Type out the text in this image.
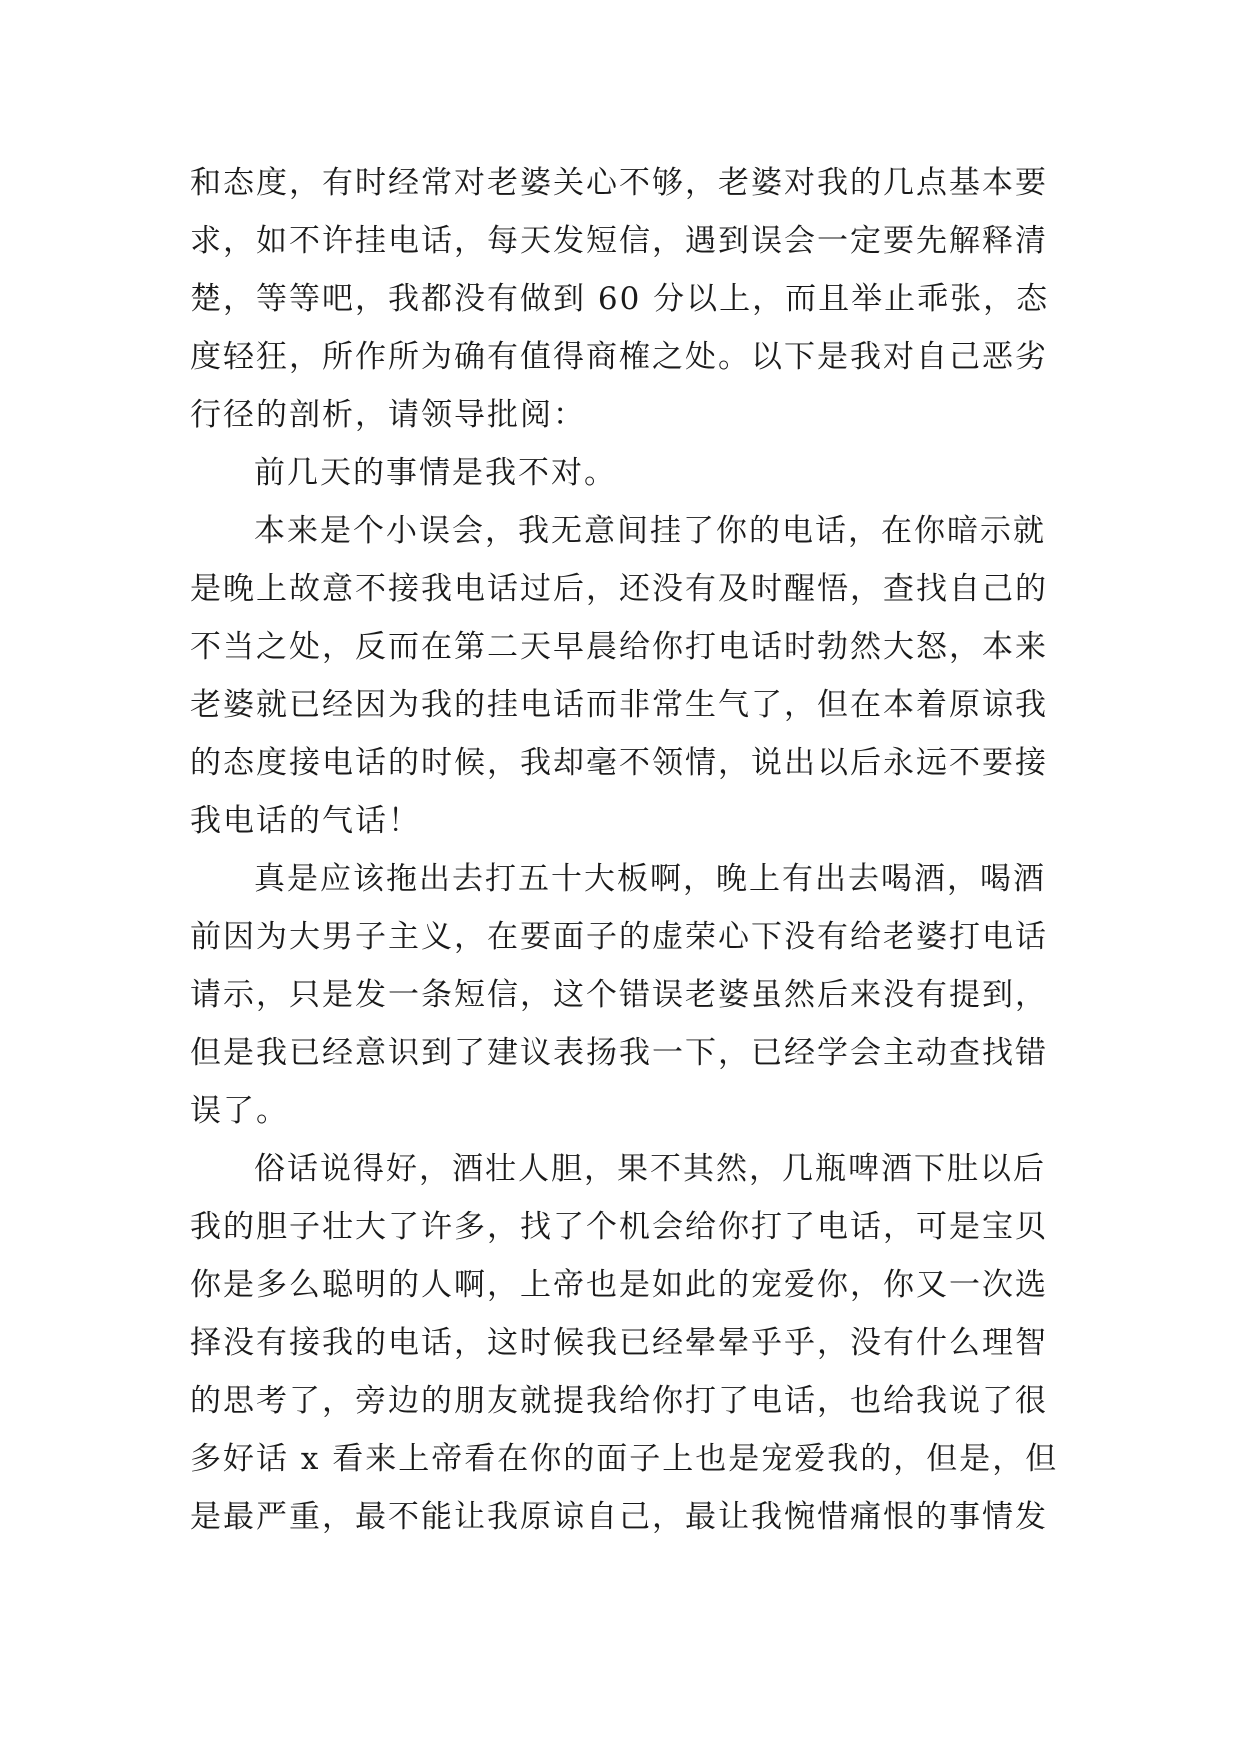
和态度，有时经常对老婆关心不够，老婆对我的几点基本要
求，如不许挂电话，每天发短信，遇到误会一定要先解释清
楚，等等吧，我都没有做到 60 分以上，而且举止乖张，态
度轻狂，所作所为确有值得商榷之处。以下是我对自己恶劣
行径的剖析，请领导批阅：
前几天的事情是我不对。
本来是个小误会，我无意间挂了你的电话，在你暗示就
是晚上故意不接我电话过后，还没有及时醒悟，查找自己的
不当之处，反而在第二天早晨给你打电话时勃然大怒，本来
老婆就已经因为我的挂电话而非常生气了，但在本着原谅我
的态度接电话的时候，我却毫不领情，说出以后永远不要接
我电话的气话！
真是应该拖出去打五十大板啊，晚上有出去喝酒，喝酒
前因为大男子主义，在要面子的虚荣心下没有给老婆打电话
请示，只是发一条短信，这个错误老婆虽然后来没有提到，
但是我已经意识到了建议表扬我一下，已经学会主动查找错
误了。
俗话说得好，酒壮人胆，果不其然，几瓶啤酒下肚以后
我的胆子壮大了许多，找了个机会给你打了电话，可是宝贝
你是多么聪明的人啊，上帝也是如此的宠爱你，你又一次选
择没有接我的电话，这时候我已经晕晕乎乎，没有什么理智
的思考了，旁边的朋友就提我给你打了电话，也给我说了很
多好话 x 看来上帝看在你的面子上也是宠爱我的，但是，但
是最严重，最不能让我原谅自己，最让我惋惜痛恨的事情发
